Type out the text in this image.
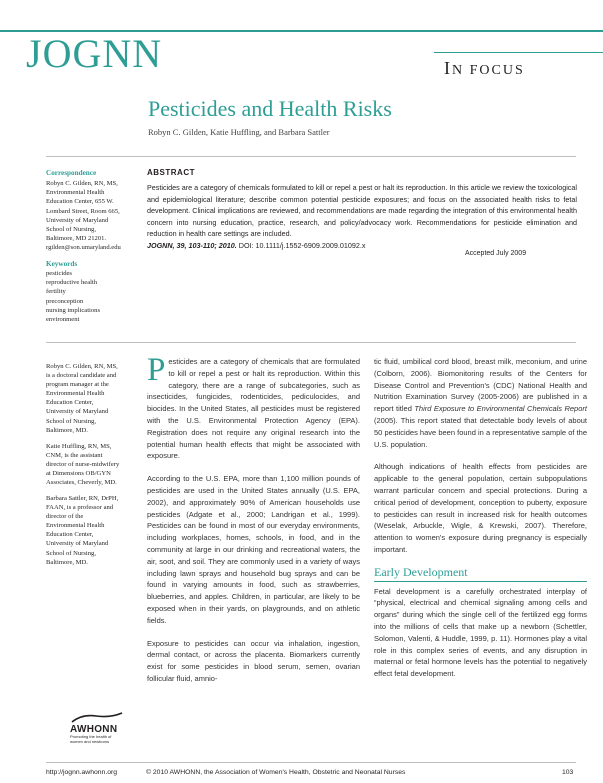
JOGNN	IN FOCUS
Pesticides and Health Risks
Robyn C. Gilden, Katie Huffling, and Barbara Sattler
Correspondence
Robyn C. Gilden, RN, MS,
Environmental Health
Education Center, 655 W.
Lombard Street, Room 665,
University of Maryland
School of Nursing,
Baltimore, MD 21201.
rgilden@son.umaryland.edu
Keywords
pesticides
reproductive health
fertility
preconception
nursing implications
environment
ABSTRACT
Pesticides are a category of chemicals formulated to kill or repel a pest or halt its reproduction. In this article we review the toxicological and epidemiological literature; describe common potential pesticide exposures; and focus on the associated health risks to fetal development. Clinical implications are reviewed, and recommendations are made regarding the integration of this environmental health concern into nursing education, practice, research, and policy/advocacy work. Recommendations for pesticide elimination and reduction in health care settings are included.
JOGNN, 39, 103-110; 2010. DOI: 10.1111/j.1552-6909.2009.01092.x
Accepted July 2009
Robyn C. Gilden, RN, MS,
is a doctoral candidate and
program manager at the
Environmental Health
Education Center,
University of Maryland
School of Nursing,
Baltimore, MD.
Katie Huffling, RN, MS,
CNM, is the assistant
director of nurse-midwifery
at Dimensions OB/GYN
Associates, Cheverly, MD.
Barbara Sattler, RN, DrPH,
FAAN, is a professor and
director of the
Environmental Health
Education Center,
University of Maryland
School of Nursing,
Baltimore, MD.

Pesticides are a category of chemicals that are formulated to kill or repel a pest or halt its reproduction. Within this category, there are a range of subcategories, such as insecticides, fungicides, rodenticides, pediculocides, and biocides. In the United States, all pesticides must be registered with the U.S. Environmental Protection Agency (EPA). Registration does not require any original research into the potential human health effects that might be associated with exposure.

According to the U.S. EPA, more than 1,100 million pounds of pesticides are used in the United States annually (U.S. EPA, 2002), and approximately 90% of American households use pesticides (Adgate et al., 2000; Landrigan et al., 1999). Pesticides can be found in most of our everyday environments, including workplaces, homes, schools, in food, and in the community at large in our drinking and recreational waters, the air, soot, and soil. They are commonly used in a variety of ways including lawn sprays and household bug sprays and can be found in varying amounts in food, such as strawberries, blueberries, and apples. Children, in particular, are likely to be exposed when in their yards, on playgrounds, and on athletic fields.

Exposure to pesticides can occur via inhalation, ingestion, dermal contact, or across the placenta. Biomarkers currently exist for some pesticides in blood serum, semen, ovarian follicular fluid, amnio-

tic fluid, umbilical cord blood, breast milk, meconium, and urine (Colborn, 2006). Biomonitoring results of the Centers for Disease Control and Prevention's (CDC) National Health and Nutrition Examination Survey (2005-2006) are published in a report titled Third Exposure to Environmental Chemicals Report (2005). This report stated that detectable body levels of about 50 pesticides have been found in a representative sample of the U.S. population.

Although indications of health effects from pesticides are applicable to the general population, certain subpopulations warrant particular concern and special protections. During a critical period of development, conception to puberty, exposure to pesticides can result in increased risk for health outcomes (Weselak, Arbuckle, Wigle, & Krewski, 2007). Therefore, attention to women's exposure during pregnancy is especially important.

Early Development

Fetal development is a carefully orchestrated interplay of “physical, electrical and chemical signaling among cells and organs” during which the single cell of the fertilized egg forms into the millions of cells that make up a newborn (Schettler, Solomon, Valenti, & Huddle, 1999, p. 11). Hormones play a vital role in this complex series of events, and any disruption in maternal or fetal hormone levels has the potential to negatively effect fetal development.

AWHONN
Promoting the health of
women and newborns
http://jognn.awhonn.org	© 2010 AWHONN, the Association of Women's Health, Obstetric and Neonatal Nurses	103
